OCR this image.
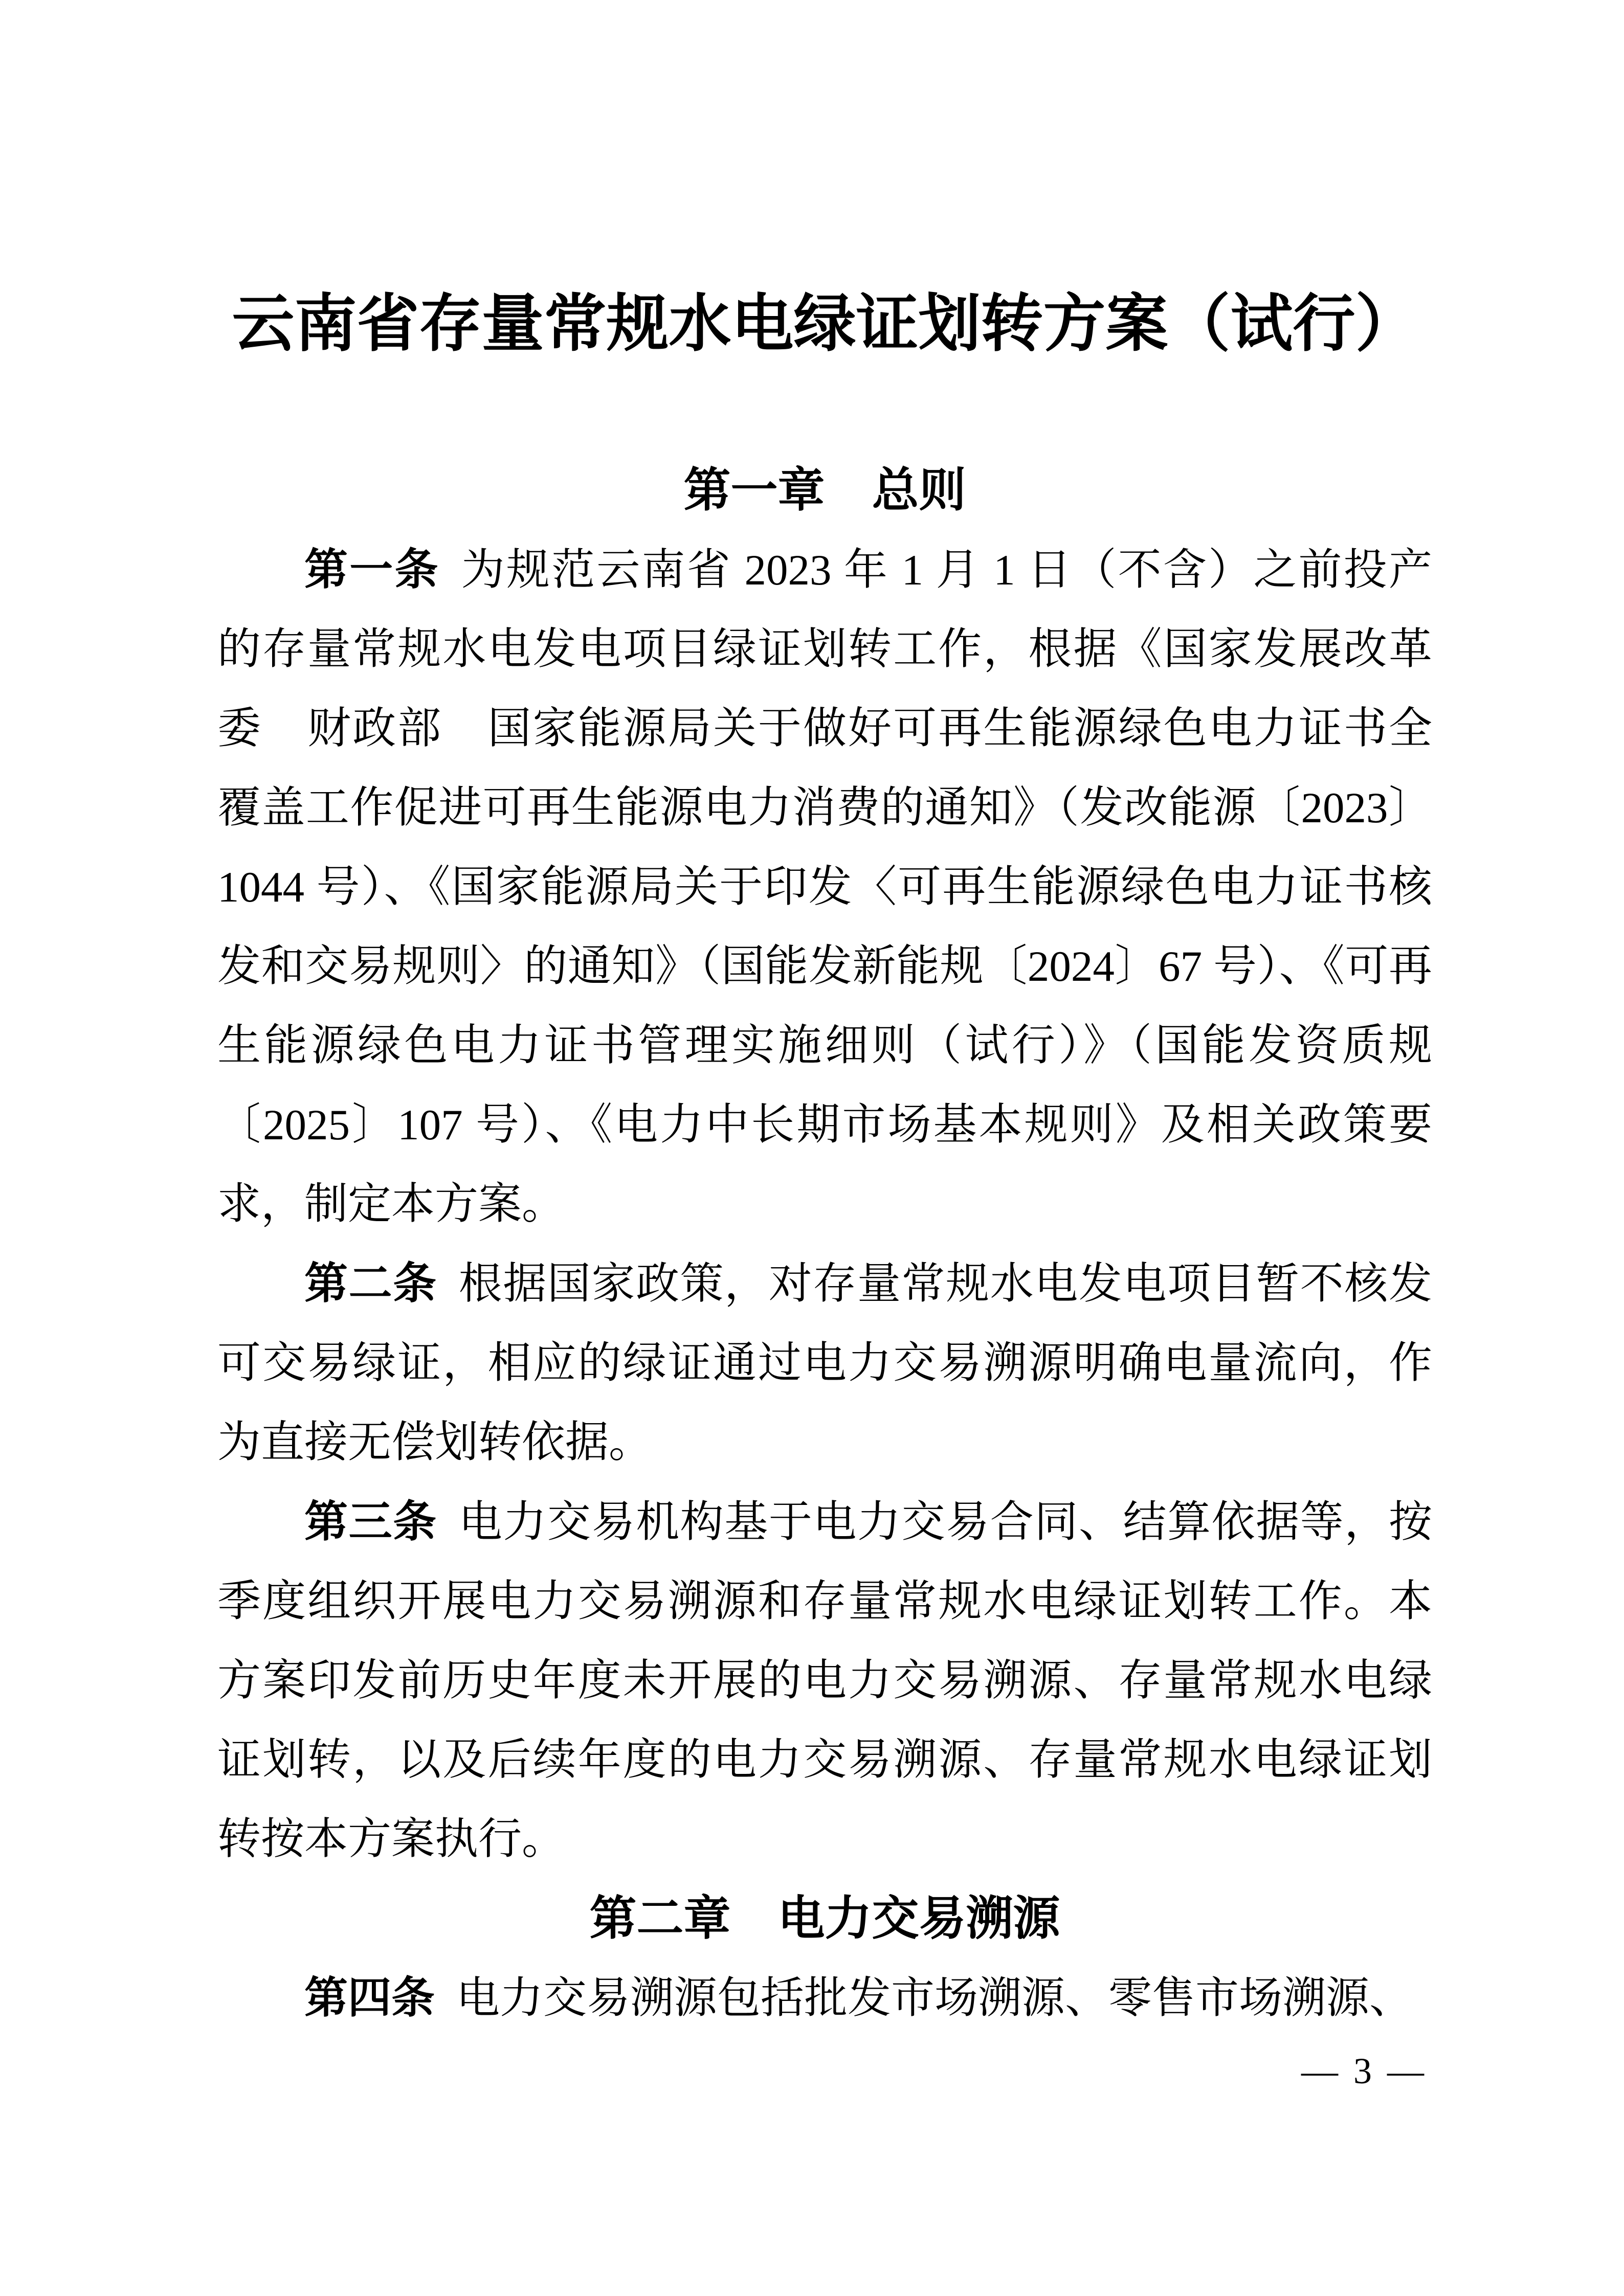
云南省存量常规水电绿证划转方案（试行）
第一章　总则

第一条 为规范云南省 2023 年 1 月 1 日（不含）之前投产的存量常规水电发电项目绿证划转工作，根据《国家发展改革委　财政部　国家能源局关于做好可再生能源绿色电力证书全覆盖工作促进可再生能源电力消费的通知》（发改能源〔2023〕1044 号）、《国家能源局关于印发〈可再生能源绿色电力证书核发和交易规则〉的通知》（国能发新能规〔2024〕67 号）、《可再生能源绿色电力证书管理实施细则（试行）》（国能发资质规〔2025〕107 号）、《电力中长期市场基本规则》及相关政策要求，制定本方案。

第二条 根据国家政策，对存量常规水电发电项目暂不核发可交易绿证，相应的绿证通过电力交易溯源明确电量流向，作为直接无偿划转依据。

第三条 电力交易机构基于电力交易合同、结算依据等，按季度组织开展电力交易溯源和存量常规水电绿证划转工作。本方案印发前历史年度未开展的电力交易溯源、存量常规水电绿证划转，以及后续年度的电力交易溯源、存量常规水电绿证划转按本方案执行。

第二章　电力交易溯源

第四条 电力交易溯源包括批发市场溯源、零售市场溯源、

— 3 —
